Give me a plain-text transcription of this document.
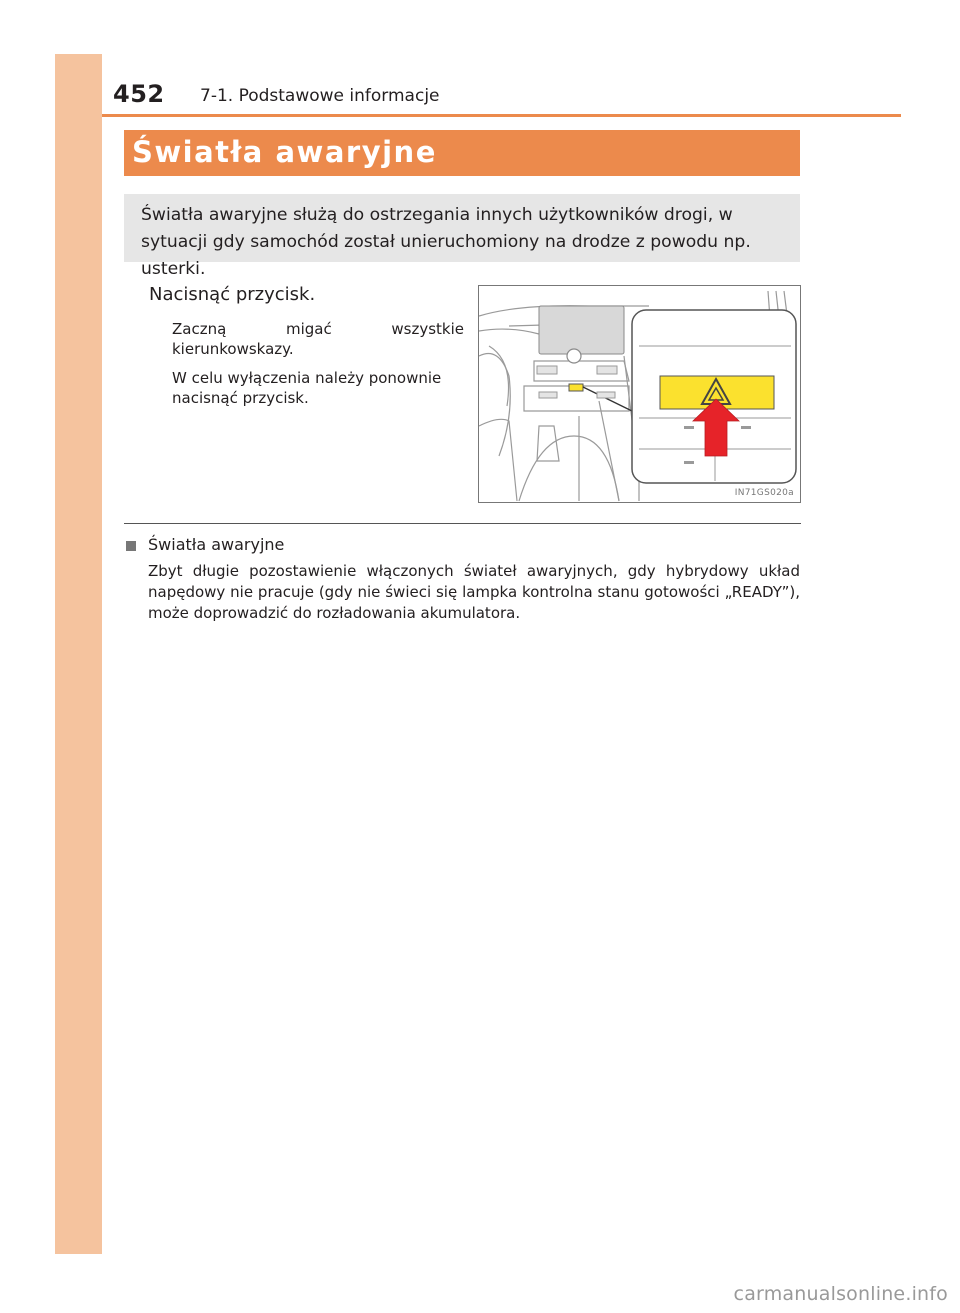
452 7-1. Podstawowe informacje
Światła awaryjne
Światła awaryjne służą do ostrzegania innych użytkowników drogi, w sytuacji gdy samochód został unieruchomiony na drodze z powodu np. usterki.
Nacisnąć przycisk.
Zaczną migać wszystkie kierunkowskazy.
W celu wyłączenia należy ponownie nacisnąć przycisk.
IN71GS020a
Światła awaryjne
Zbyt długie pozostawienie włączonych świateł awaryjnych, gdy hybrydowy układ napędowy nie pracuje (gdy nie świeci się lampka kontrolna stanu gotowości „READY”), może doprowadzić do rozładowania akumulatora.
carmanualsonline.info
